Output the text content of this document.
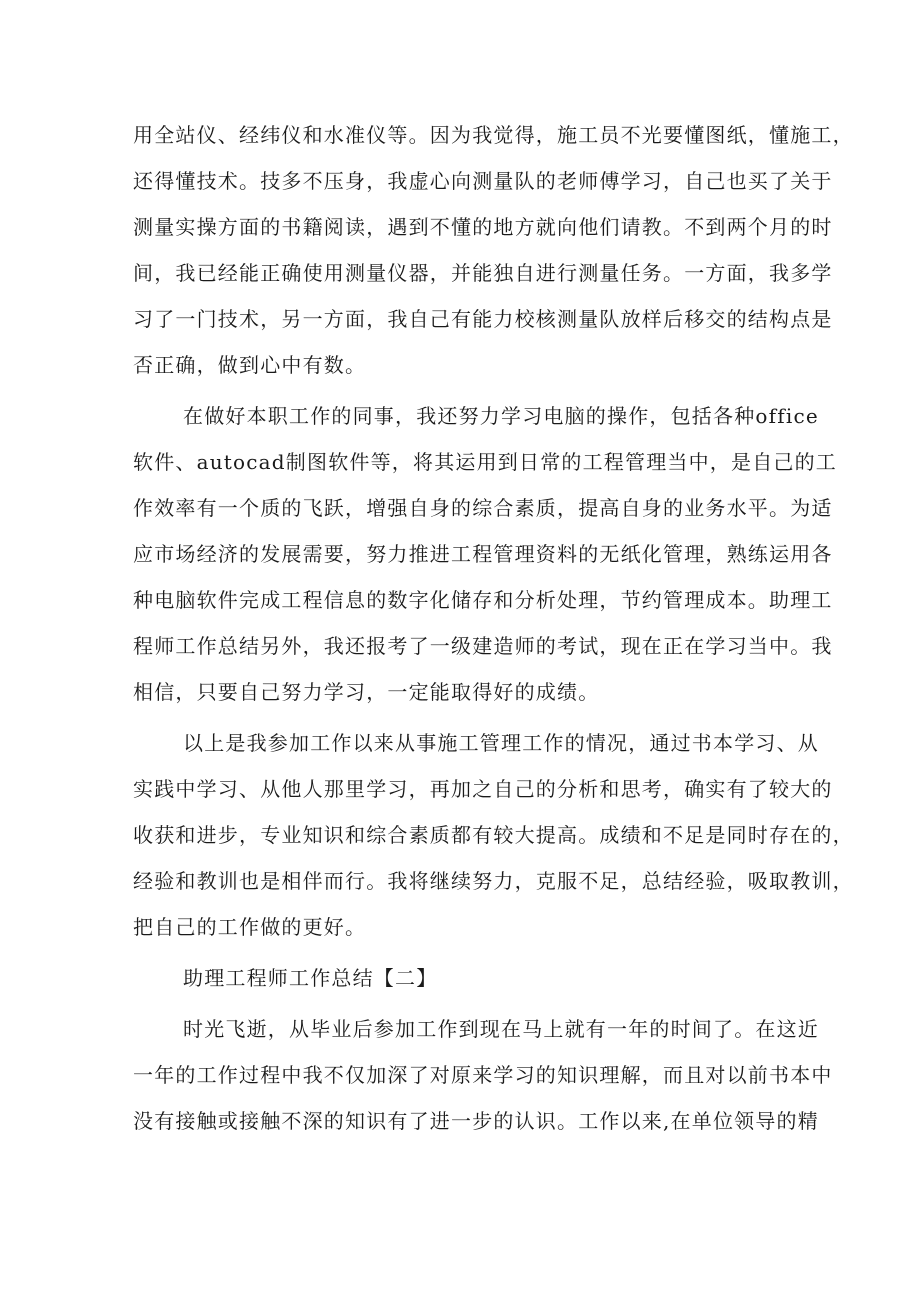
用全站仪、经纬仪和水准仪等。因为我觉得，施工员不光要懂图纸，懂施工，
还得懂技术。技多不压身，我虚心向测量队的老师傅学习，自己也买了关于
测量实操方面的书籍阅读，遇到不懂的地方就向他们请教。不到两个月的时
间，我已经能正确使用测量仪器，并能独自进行测量任务。一方面，我多学
习了一门技术，另一方面，我自己有能力校核测量队放样后移交的结构点是
否正确，做到心中有数。
在做好本职工作的同事，我还努力学习电脑的操作，包括各种office
软件、autocad制图软件等，将其运用到日常的工程管理当中，是自己的工
作效率有一个质的飞跃，增强自身的综合素质，提高自身的业务水平。为适
应市场经济的发展需要，努力推进工程管理资料的无纸化管理，熟练运用各
种电脑软件完成工程信息的数字化储存和分析处理，节约管理成本。助理工
程师工作总结另外，我还报考了一级建造师的考试，现在正在学习当中。我
相信，只要自己努力学习，一定能取得好的成绩。
以上是我参加工作以来从事施工管理工作的情况，通过书本学习、从
实践中学习、从他人那里学习，再加之自己的分析和思考，确实有了较大的
收获和进步，专业知识和综合素质都有较大提高。成绩和不足是同时存在的，
经验和教训也是相伴而行。我将继续努力，克服不足，总结经验，吸取教训，
把自己的工作做的更好。
助理工程师工作总结【二】
时光飞逝，从毕业后参加工作到现在马上就有一年的时间了。在这近
一年的工作过程中我不仅加深了对原来学习的知识理解，而且对以前书本中
没有接触或接触不深的知识有了进一步的认识。工作以来,在单位领导的精
